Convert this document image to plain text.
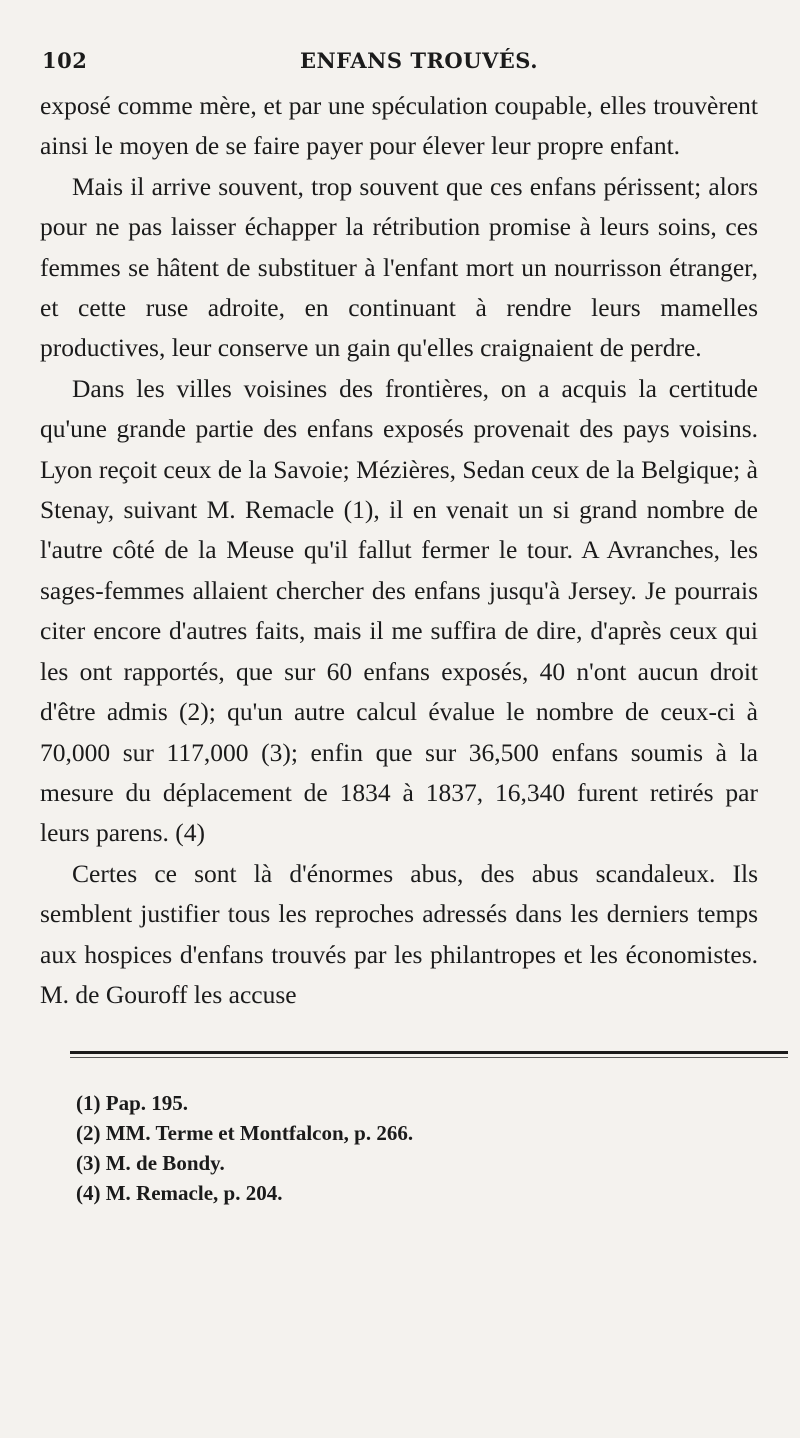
102	ENFANS TROUVÉS.

exposé comme mère, et par une spéculation coupable, elles trouvèrent ainsi le moyen de se faire payer pour élever leur propre enfant.

Mais il arrive souvent, trop souvent que ces enfans périssent; alors pour ne pas laisser échapper la rétribution promise à leurs soins, ces femmes se hâtent de substituer à l'enfant mort un nourrisson étranger, et cette ruse adroite, en continuant à rendre leurs mamelles productives, leur conserve un gain qu'elles craignaient de perdre.

Dans les villes voisines des frontières, on a acquis la certitude qu'une grande partie des enfans exposés provenait des pays voisins. Lyon reçoit ceux de la Savoie; Mézières, Sedan ceux de la Belgique; à Stenay, suivant M. Remacle (1), il en venait un si grand nombre de l'autre côté de la Meuse qu'il fallut fermer le tour. A Avranches, les sages-femmes allaient chercher des enfans jusqu'à Jersey. Je pourrais citer encore d'autres faits, mais il me suffira de dire, d'après ceux qui les ont rapportés, que sur 60 enfans exposés, 40 n'ont aucun droit d'être admis (2); qu'un autre calcul évalue le nombre de ceux-ci à 70,000 sur 117,000 (3); enfin que sur 36,500 enfans soumis à la mesure du déplacement de 1834 à 1837, 16,340 furent retirés par leurs parens. (4)

Certes ce sont là d'énormes abus, des abus scandaleux. Ils semblent justifier tous les reproches adressés dans les derniers temps aux hospices d'enfans trouvés par les philantropes et les économistes. M. de Gouroff les accuse

(1) Pap. 195.

(2) MM. Terme et Montfalcon, p. 266.

(3) M. de Bondy.

(4) M. Remacle, p. 204.
